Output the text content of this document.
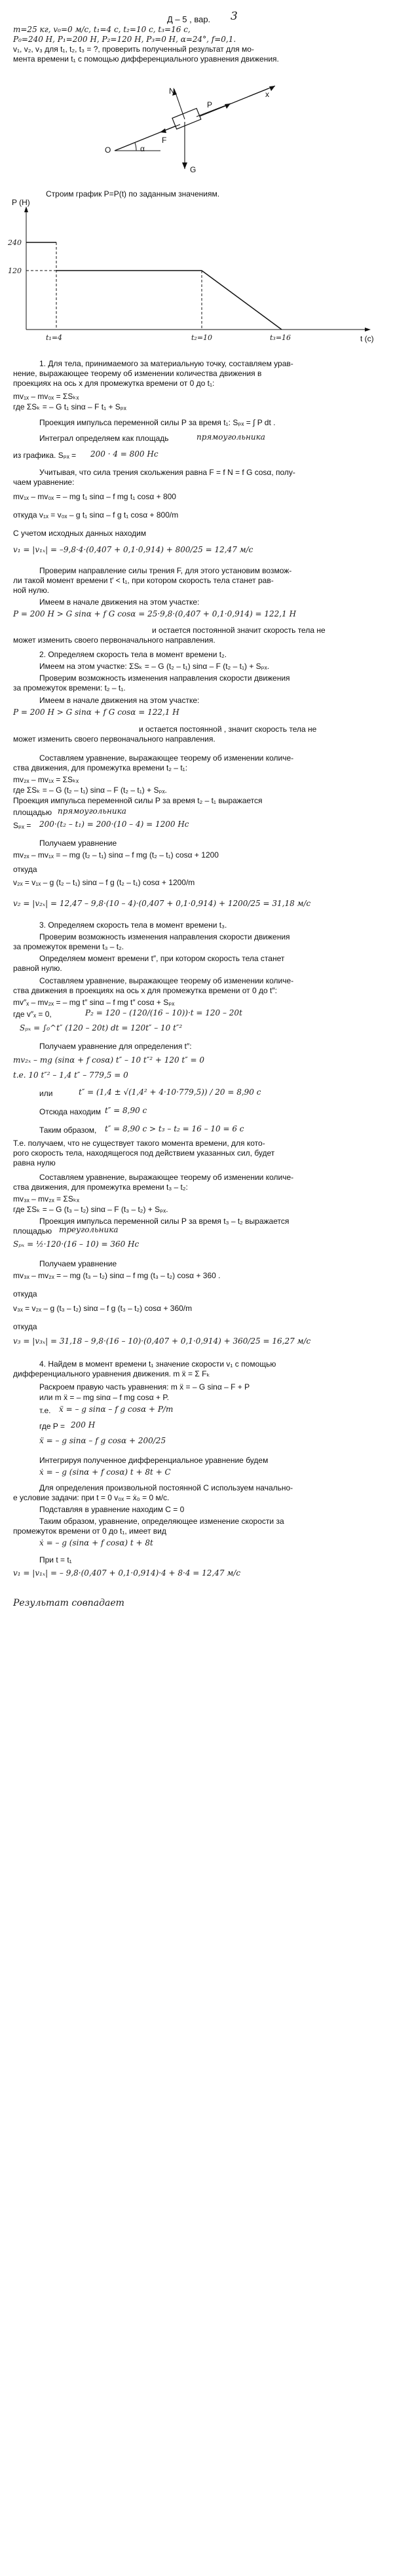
Д – 5 , вар. 3
m=25 кг, v₀=0 м/с, t₁=4 с, t₂=10 с, t₃=16 с,
P₀=240 Н, P₁=200 Н, P₂=120 Н, P₃=0 Н, α=24°, f=0,1.
v₁, v₂, v₃ для t₁, t₂, t₃ = ?, проверить полученный результат для мо-
мента времени t₁ с помощью дифференциального уравнения движения.
N
P
F
x
O	α
G
Строим график P=P(t) по заданным значениям.
P (Н)
t (с)
240
120
t₁=4	t₂=10	t₃=16
1. Для тела, принимаемого за материальную точку, составляем урав-
нение, выражающее теорему об изменении количества движения в
проекциях на ось x для промежутка времени от 0 до t₁:
mv₁ₓ – mv₀ₓ = ΣSₖₓ
где ΣSₖ = – G t₁ sinα – F t₁ + Sₚₓ
Проекция импульса переменной силы P за время t₁: Sₚₓ = ∫ P dt .
Интеграл определяем как площадь	прямоугольника
из графика. Sₚₓ = 200 · 4 = 800 Нс
Учитывая, что сила трения скольжения равна F = f N = f G cosα, полу-
чаем уравнение:
mv₁ₓ – mv₀ₓ = – mg t₁ sinα – f mg t₁ cosα + 800
откуда v₁ₓ = v₀ₓ – g t₁ sinα – f g t₁ cosα + 800/m
С учетом исходных данных находим
v₁ = |v₁ₓ| = –9,8·4·(0,407 + 0,1·0,914) + 800/25 = 12,47 м/с
Проверим направление силы трения F, для этого установим возмож-
ли такой момент времени t′ < t₁, при котором скорость тела станет рав-
ной нулю.
Имеем в начале движения на этом участке:
P = 200 Н > G sinα + f G cosα = 25·9,8·(0,407 + 0,1·0,914) = 122,1 Н
и остается постоянной значит скорость тела не
может изменить своего первоначального направления.
2. Определяем скорость тела в момент времени t₂.
Имеем на этом участке: ΣSₖ = – G (t₂ – t₁) sinα – F (t₂ – t₁) + Sₚₓ.
Проверим возможность изменения направления скорости движения
за промежуток времени: t₂ – t₁.
Имеем в начале движения на этом участке:
P = 200 Н > G sinα + f G cosα = 122,1 Н
и остается постоянной , значит скорость тела не
может изменить своего первоначального направления.
Составляем уравнение, выражающее теорему об изменении количе-
ства движения, для промежутка времени t₂ – t₁:
mv₂ₓ – mv₁ₓ = ΣSₖₓ
где ΣSₖ = – G (t₂ – t₁) sinα – F (t₂ – t₁) + Sₚₓ.
Проекция импульса переменной силы P за время t₂ – t₁ выражается
площадью прямоугольника
Sₚₓ = 200·(t₂ – t₁) = 200·(10 – 4) = 1200 Нс
Получаем уравнение
mv₂ₓ – mv₁ₓ = – mg (t₂ – t₁) sinα – f mg (t₂ – t₁) cosα + 1200
откуда
v₂ₓ = v₁ₓ – g (t₂ – t₁) sinα – f g (t₂ – t₁) cosα + 1200/m
v₂ = |v₂ₓ| = 12,47 – 9,8·(10 – 4)·(0,407 + 0,1·0,914) + 1200/25 = 31,18 м/с
3. Определяем скорость тела в момент времени t₃.
Проверим возможность изменения направления скорости движения
за промежуток времени t₃ – t₂.
Определяем момент времени t″, при котором скорость тела станет
равной нулю.
Составляем уравнение, выражающее теорему об изменении количе-
ства движения в проекциях на ось x для промежутка времени от 0 до t″:
mv″ₓ – mv₂ₓ = – mg t″ sinα – f mg t″ cosα + Sₚₓ
где v″ₓ = 0,	P₂ = 120 – (120/(16 – 10))·t = 120 – 20t
Sₚₓ = ∫₀^t″ (120 – 20t) dt = 120t″ – 10 t″²
Получаем уравнение для определения t″:
mv₂ₓ – mg (sinα + f cosα) t″ – 10 t″² + 120 t″ = 0
t.е. 10 t″² – 1,4 t″ – 779,5 = 0
или	t″ = (1,4 ± √(1,4² + 4·10·779,5)) / 20 = 8,90 с
Отсюда находим t″ = 8,90 с
Таким образом, t″ = 8,90 с > t₃ – t₂ = 16 – 10 = 6 с
Т.е. получаем, что не существует такого момента времени, для кото-
рого скорость тела, находящегося под действием указанных сил, будет
равна нулю
Составляем уравнение, выражающее теорему об изменении количе-
ства движения, для промежутка времени t₃ – t₂:
mv₃ₓ – mv₂ₓ = ΣSₖₓ
где ΣSₖ = – G (t₃ – t₂) sinα – F (t₃ – t₂) + Sₚₓ.
Проекция импульса переменной силы P за время t₃ – t₂ выражается
площадью треугольника
Sₚₓ = ½·120·(16 – 10) = 360 Нс
Получаем уравнение
mv₃ₓ – mv₂ₓ = – mg (t₃ – t₂) sinα – f mg (t₃ – t₂) cosα + 360 .
откуда
v₃ₓ = v₂ₓ – g (t₃ – t₂) sinα – f g (t₃ – t₂) cosα + 360/m
откуда
v₃ = |v₃ₓ| = 31,18 – 9,8·(16 – 10)·(0,407 + 0,1·0,914) + 360/25 = 16,27 м/с
4. Найдем в момент времени t₁ значение скорости v₁ с помощью
дифференциального уравнения движения. m ẍ = Σ Fₖ
Раскроем правую часть уравнения: m ẍ = – G sinα – F + P
или m ẍ = – mg sinα – f mg cosα + P.
т.е. ẍ = – g sinα – f g cosα + P/m
где P = 200 Н
ẍ = – g sinα – f g cosα + 200/25
Интегрируя полученное дифференциальное уравнение будем
ẋ = – g (sinα + f cosα) t + 8t + C
Для определения произвольной постоянной C используем начально-
е условие задачи: при t = 0 v₀ₓ = ẋ₀ = 0 м/с.
Подставляя в уравнение находим C = 0
Таким образом, уравнение, определяющее изменение скорости за
промежуток времени от 0 до t₁, имеет вид
ẋ = – g (sinα + f cosα) t + 8t
При t = t₁
v₁ = |v₁ₓ| = – 9,8·(0,407 + 0,1·0,914)·4 + 8·4 = 12,47 м/с
Результат совпадает
